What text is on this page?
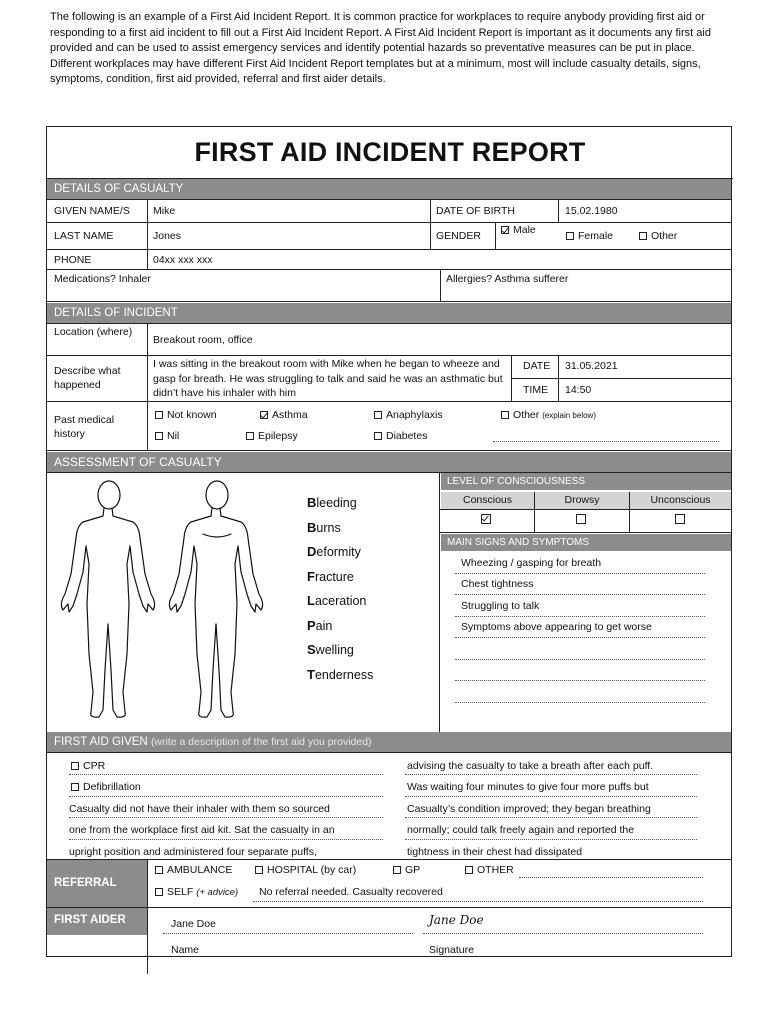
The following is an example of a First Aid Incident Report. It is common practice for workplaces to require anybody providing first aid or responding to a first aid incident to fill out a First Aid Incident Report. A First Aid Incident Report is important as it documents any first aid provided and can be used to assist emergency services and identify potential hazards so preventative measures can be put in place.

Different workplaces may have different First Aid Incident Report templates but at a minimum, most will include casualty details, signs, symptoms, condition, first aid provided, referral and first aider details.

FIRST AID INCIDENT REPORT
DETAILS OF CASUALTY
GIVEN NAME/S Mike	DATE OF BIRTH	15.02.1980
LAST NAME	Jones	GENDER	Male	Female	Other
PHONE	04xx xxx xxx
Medications? Inhaler	Allergies? Asthma sufferer
DETAILS OF INCIDENT
Location (where)
Breakout room, office
Describe what happened
I was sitting in the breakout room with Mike when he began to wheeze and gasp for breath. He was struggling to talk and said he was an asthmatic but didn’t have his inhaler with him
DATE 31.05.2021
TIME 14:50
Past medical history
Not known	Asthma	Anaphylaxis	Other (explain below)
Nil	Epilepsy	Diabetes
ASSESSMENT OF CASUALTY
Bleeding
Burns
Deformity
Fracture
Laceration
Pain
Swelling
Tenderness
LEVEL OF CONSCIOUSNESS
Conscious	Drowsy	Unconscious
MAIN SIGNS AND SYMPTOMS
Wheezing / gasping for breath
Chest tightness
Struggling to talk
Symptoms above appearing to get worse
FIRST AID GIVEN (write a description of the first aid you provided)
CPR
Defibrillation
Casualty did not have their inhaler with them so sourced
one from the workplace first aid kit. Sat the casualty in an
upright position and administered four separate puffs,
advising the casualty to take a breath after each puff.
Was waiting four minutes to give four more puffs but
Casualty’s condition improved; they began breathing
normally; could talk freely again and reported the
tightness in their chest had dissipated
REFERRAL
AMBULANCE	HOSPITAL (by car)	GP	OTHER
SELF (+ advice) No referral needed. Casualty recovered
FIRST AIDER	Jane Doe
Name
Jane Doe
Signature
